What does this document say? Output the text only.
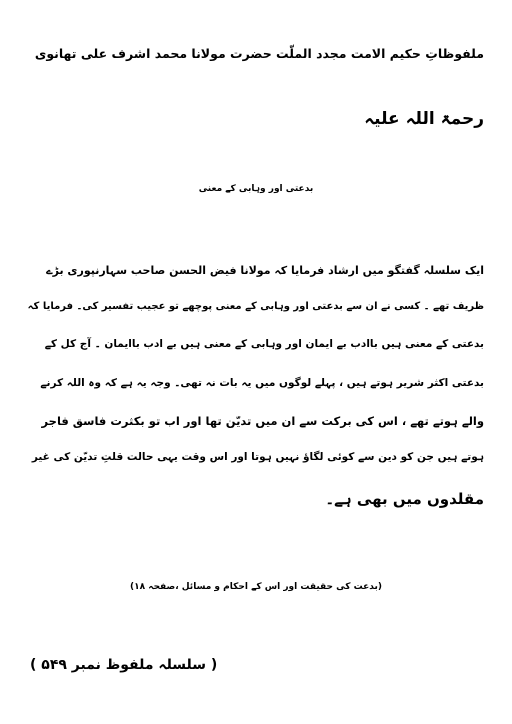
ملفوظاتِ حکیم الامت مجدد الملّت حضرت مولانا محمد اشرف علی تھانوی
رحمۃ اللہ علیہ
بدعتی اور وہابی کے معنی
ایک سلسلہ گفتگو میں ارشاد فرمایا کہ مولانا فیض الحسن صاحب سہارنپوری بڑے
ظریف تھے ۔ کسی نے ان سے بدعتی اور وہابی کے معنی پوچھے تو عجیب تفسیر کی۔ فرمایا کہ
بدعتی کے معنی ہیں باادب بے ایمان اور وہابی کے معنی ہیں بے ادب باایمان ۔ آج کل کے
بدعتی اکثر شریر ہوتے ہیں ، پہلے لوگوں میں یہ بات نہ تھی۔ وجہ یہ ہے کہ وہ اللہ کرنے
والے ہوتے تھے ، اس کی برکت سے ان میں تدیّن تھا اور اب تو بکثرت فاسق فاجر
ہوتے ہیں جن کو دین سے کوئی لگاؤ نہیں ہوتا اور اس وقت یہی حالت قلتِ تدیّن کی غیر
مقلدوں میں بھی ہے۔
(بدعت کی حقیقت اور اس کے احکام و مسائل ،صفحہ ۱۸)
( سلسلہ ملفوظ نمبر ۵۴۹ )
